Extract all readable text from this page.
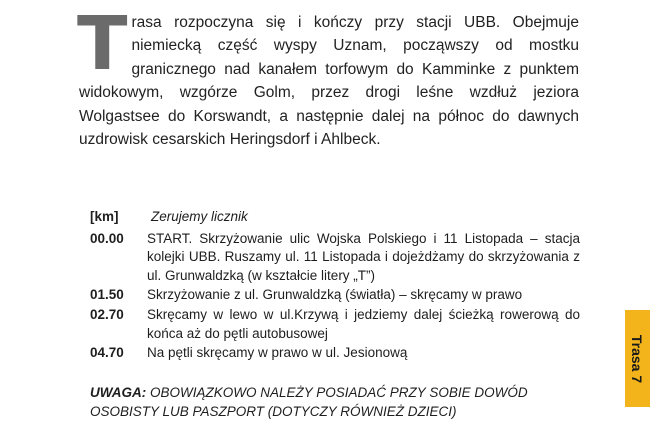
Trasa rozpoczyna się i kończy przy stacji UBB. Obejmuje niemiecką część wyspy Uznam, począwszy od mostku granicznego nad kanałem torfowym do Kamminke z punktem widokowym, wzgórze Golm, przez drogi leśne wzdłuż jeziora Wolgastsee do Korswandt, a następnie dalej na północ do dawnych uzdrowisk cesarskich Heringsdorf i Ahlbeck.
[km]	Zerujemy licznik
00.00	START. Skrzyżowanie ulic Wojska Polskiego i 11 Listopada – stacja kolejki UBB. Ruszamy ul. 11 Listopada i dojeżdżamy do skrzyżowania z ul. Grunwaldzką (w kształcie litery „T”)
01.50	Skrzyżowanie z ul. Grunwaldzką (światła) – skręcamy w prawo
02.70	Skręcamy w lewo w ul.Krzywą i jedziemy dalej ścieżką rowerową do końca aż do pętli autobusowej
04.70	Na pętli skręcamy w prawo w ul. Jesionową
UWAGA: OBOWIĄZKOWO NALEŻY POSIADAĆ PRZY SOBIE DOWÓD OSOBISTY LUB PASZPORT (DOTYCZY RÓWNIEŻ DZIECI)
Trasa 7
